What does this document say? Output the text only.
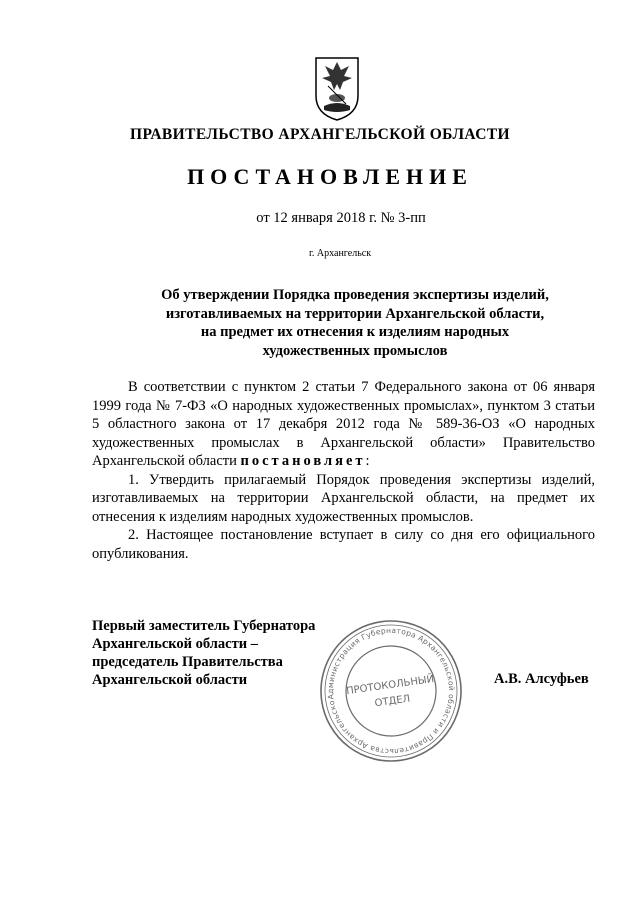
ПРАВИТЕЛЬСТВО АРХАНГЕЛЬСКОЙ ОБЛАСТИ
ПОСТАНОВЛЕНИЕ
от 12 января 2018 г. № 3-пп
г. Архангельск
Об утверждении Порядка проведения экспертизы изделий,
изготавливаемых на территории Архангельской области,
на предмет их отнесения к изделиям народных
художественных промыслов

В соответствии с пунктом 2 статьи 7 Федерального закона от 06 января 1999 года № 7-ФЗ «О народных художественных промыслах», пунктом 3 статьи 5 областного закона от 17 декабря 2012 года № 589-36-ОЗ «О народных художественных промыслах в Архангельской области» Правительство Архангельской области постановляет:

1. Утвердить прилагаемый Порядок проведения экспертизы изделий, изготавливаемых на территории Архангельской области, на предмет их отнесения к изделиям народных художественных промыслов.

2. Настоящее постановление вступает в силу со дня его официального опубликования.

Первый заместитель Губернатора
Архангельской области –
председатель Правительства
Архангельской области
Администрация Губернатора Архангельской области и Правительства Архангельской
ПРОТОКОЛЬНЫЙ
ОТДЕЛ
А.В. Алсуфьев
